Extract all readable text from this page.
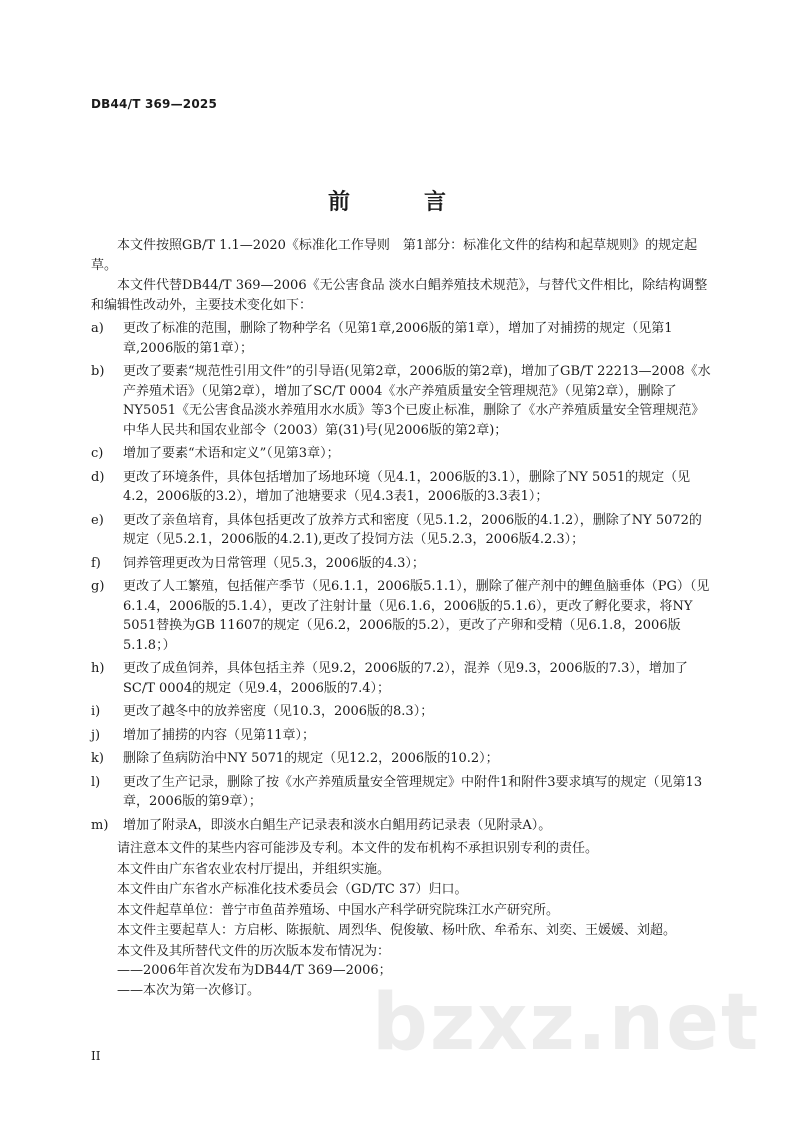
DB44/T 369—2025
前　言

本文件按照GB/T 1.1—2020《标准化工作导则　第1部分：标准化文件的结构和起草规则》的规定起草。

本文件代替DB44/T 369—2006《无公害食品 淡水白鲳养殖技术规范》，与替代文件相比，除结构调整和编辑性改动外，主要技术变化如下：

a) 更改了标准的范围，删除了物种学名（见第1章,2006版的第1章），增加了对捕捞的规定（见第1章,2006版的第1章）；
b) 更改了要素“规范性引用文件”的引导语(见第2章，2006版的第2章)，增加了GB/T 22213—2008《水产养殖术语》（见第2章），增加了SC/T 0004《水产养殖质量安全管理规范》（见第2章），删除了NY5051《无公害食品淡水养殖用水水质》等3个已废止标准，删除了《水产养殖质量安全管理规范》中华人民共和国农业部令（2003）第(31)号(见2006版的第2章)；
c) 增加了要素“术语和定义”（见第3章）；
d) 更改了环境条件，具体包括增加了场地环境（见4.1，2006版的3.1），删除了NY 5051的规定（见4.2，2006版的3.2），增加了池塘要求（见4.3表1，2006版的3.3表1）；
e) 更改了亲鱼培育，具体包括更改了放养方式和密度（见5.1.2，2006版的4.1.2），删除了NY 5072的规定（见5.2.1，2006版的4.2.1),更改了投饲方法（见5.2.3，2006版4.2.3）；
f) 饲养管理更改为日常管理（见5.3，2006版的4.3）；
g) 更改了人工繁殖，包括催产季节（见6.1.1，2006版5.1.1），删除了催产剂中的鲤鱼脑垂体（PG）（见6.1.4，2006版的5.1.4），更改了注射计量（见6.1.6，2006版的5.1.6），更改了孵化要求，将NY 5051替换为GB 11607的规定（见6.2，2006版的5.2），更改了产卵和受精（见6.1.8，2006版5.1.8；）
h) 更改了成鱼饲养，具体包括主养（见9.2，2006版的7.2），混养（见9.3，2006版的7.3），增加了SC/T 0004的规定（见9.4，2006版的7.4）；
i) 更改了越冬中的放养密度（见10.3，2006版的8.3）；
j) 增加了捕捞的内容（见第11章）；
k) 删除了鱼病防治中NY 5071的规定（见12.2，2006版的10.2）；
l) 更改了生产记录，删除了按《水产养殖质量安全管理规定》中附件1和附件3要求填写的规定（见第13章，2006版的第9章）；
m) 增加了附录A，即淡水白鲳生产记录表和淡水白鲳用药记录表（见附录A）。

请注意本文件的某些内容可能涉及专利。本文件的发布机构不承担识别专利的责任。

本文件由广东省农业农村厅提出，并组织实施。

本文件由广东省水产标准化技术委员会（GD/TC 37）归口。

本文件起草单位：普宁市鱼苗养殖场、中国水产科学研究院珠江水产研究所。

本文件主要起草人：方启彬、陈振航、周烈华、倪俊敏、杨叶欣、牟希东、刘奕、王媛媛、刘超。

本文件及其所替代文件的历次版本发布情况为：

——2006年首次发布为DB44/T 369—2006；

——本次为第一次修订。	bzxz.net
II
